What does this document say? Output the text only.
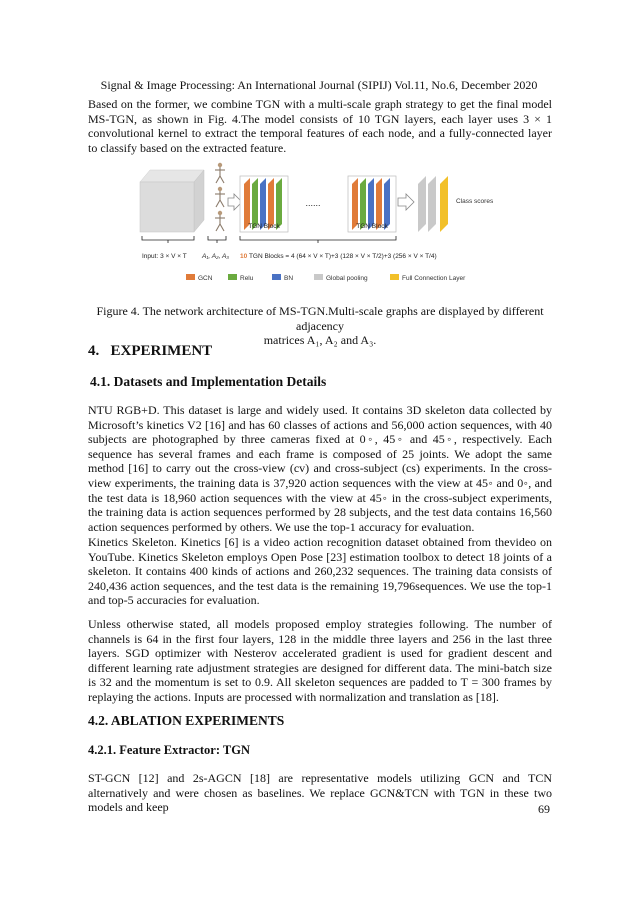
Signal & Image Processing: An International Journal (SIPIJ) Vol.11, No.6, December 2020

Based on the former, we combine TGN with a multi-scale graph strategy to get the final model MS-TGN, as shown in Fig. 4.The model consists of 10 TGN layers, each layer uses 3 × 1 convolutional kernel to extract the temporal features of each node, and a fully-connected layer to classify based on the extracted feature.

TGN Block
......
TGN Block
Class scores
Input: 3 × V × T A₁, A₂, A₃ 10 TGN Blocks = 4 (64 × V × T)+3 (128 × V × T/2)+3 (256 × V × T/4)
GCN	Relu	BN	Global pooling	Full Connection Layer
Figure 4. The network architecture of MS-TGN.Multi-scale graphs are displayed by different adjacency
matrices A₁, A₂ and A₃.
4. EXPERIMENT
4.1. Datasets and Implementation Details

NTU RGB+D. This dataset is large and widely used. It contains 3D skeleton data collected by Microsoft’s kinetics V2 [16] and has 60 classes of actions and 56,000 action sequences, with 40 subjects are photographed by three cameras fixed at 0◦, 45◦ and 45◦, respectively. Each sequence has several frames and each frame is composed of 25 joints. We adopt the same method [16] to carry out the cross-view (cv) and cross-subject (cs) experiments. In the cross-view experiments, the training data is 37,920 action sequences with the view at 45◦ and 0◦, and the test data is 18,960 action sequences with the view at 45◦ in the cross-subject experiments, the training data is action sequences performed by 28 subjects, and the test data contains 16,560 action sequences performed by others. We use the top-1 accuracy for evaluation.

Kinetics Skeleton. Kinetics [6] is a video action recognition dataset obtained from thevideo on YouTube. Kinetics Skeleton employs Open Pose [23] estimation toolbox to detect 18 joints of a skeleton. It contains 400 kinds of actions and 260,232 sequences. The training data consists of 240,436 action sequences, and the test data is the remaining 19,796sequences. We use the top-1 and top-5 accuracies for evaluation.

Unless otherwise stated, all models proposed employ strategies following. The number of channels is 64 in the first four layers, 128 in the middle three layers and 256 in the last three layers. SGD optimizer with Nesterov accelerated gradient is used for gradient descent and different learning rate adjustment strategies are designed for different data. The mini-batch size is 32 and the momentum is set to 0.9. All skeleton sequences are padded to T = 300 frames by replaying the actions. Inputs are processed with normalization and translation as [18].

4.2. ABLATION EXPERIMENTS
4.2.1. Feature Extractor: TGN

ST-GCN [12] and 2s-AGCN [18] are representative models utilizing GCN and TCN alternatively and were chosen as baselines. We replace GCN&TCN with TGN in these two models and keep	69
